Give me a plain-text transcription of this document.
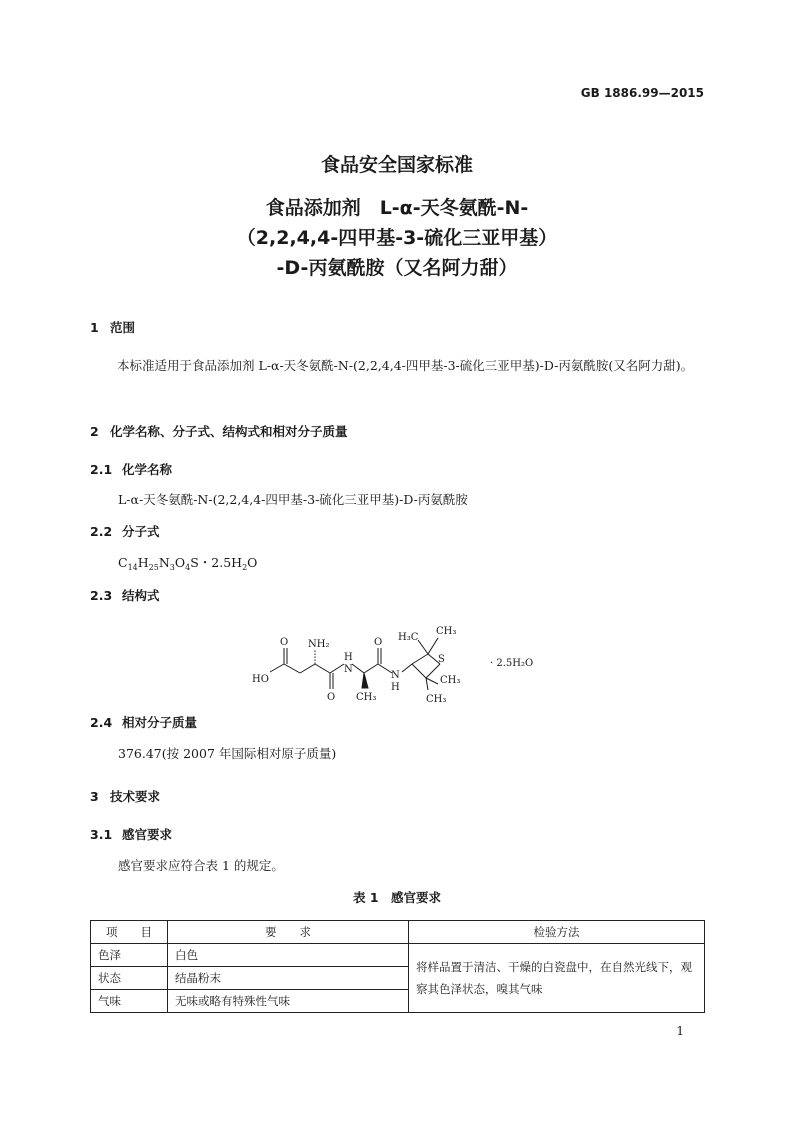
GB 1886.99—2015
食品安全国家标准
食品添加剂　L-α-天冬氨酰-N-
（2,2,4,4-四甲基-3-硫化三亚甲基）
-D-丙氨酰胺（又名阿力甜）
1 范围
本标准适用于食品添加剂 L-α-天冬氨酰-N-(2,2,4,4-四甲基-3-硫化三亚甲基)-D-丙氨酰胺(又名阿力甜)。
2 化学名称、分子式、结构式和相对分子质量
2.1 化学名称
L-α-天冬氨酰-N-(2,2,4,4-四甲基-3-硫化三亚甲基)-D-丙氨酰胺
2.2 分子式
$C_{14}H_{25}N_3O_4S$・$2.5H_2O$
2.3 结构式
HO
O NH₂
O
H
N
CH₃
O
N
H
H₃C
CH₃
S
CH₃
CH₃
· 2.5H₂O
2.4 相对分子质量
376.47(按 2007 年国际相对原子质量)
3 技术要求
3.1 感官要求
感官要求应符合表 1 的规定。
表 1　感官要求
项　　目	要　　求	检验方法
色泽	白色	将样品置于清洁、干燥的白瓷盘中，在自然光线下，观察其色泽状态，嗅其气味
状态	结晶粉末	
气味	无味或略有特殊性气味	
1
